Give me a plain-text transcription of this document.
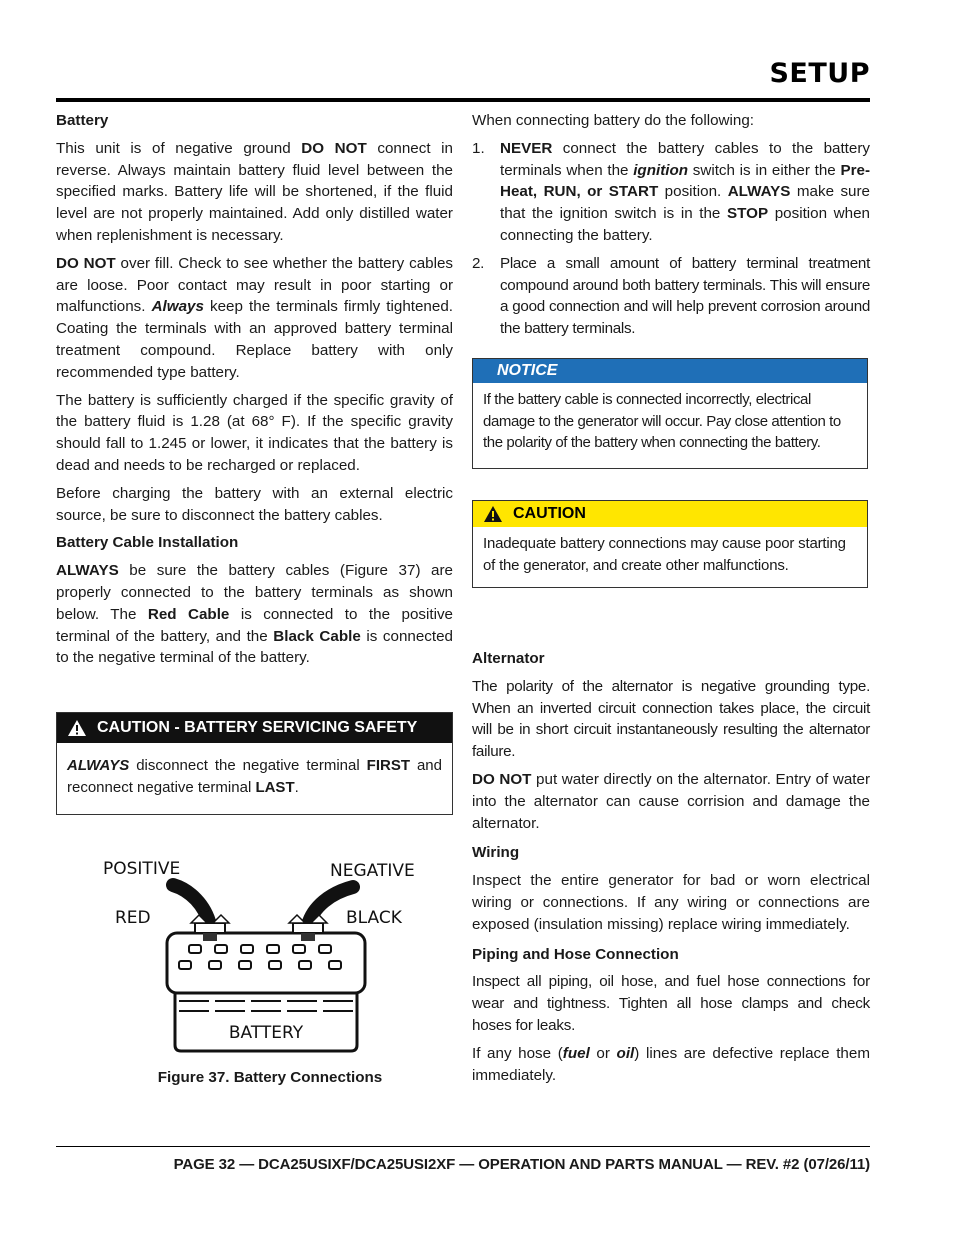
SETUP
Battery

This unit is of negative ground DO NOT connect in reverse. Always maintain battery fluid level between the specified marks. Battery life will be shortened, if the fluid level are not properly maintained. Add only distilled water when replenishment is necessary.

DO NOT over fill. Check to see whether the battery cables are loose. Poor contact may result in poor starting or malfunctions. Always keep the terminals firmly tightened. Coating the terminals with an approved battery terminal treatment compound. Replace battery with only recommended type battery.

The battery is sufficiently charged if the specific gravity of the battery fluid is 1.28 (at 68° F). If the specific gravity should fall to 1.245 or lower, it indicates that the battery is dead and needs to be recharged or replaced.

Before charging the battery with an external electric source, be sure to disconnect the battery cables.

Battery Cable Installation

ALWAYS be sure the battery cables (Figure 37) are properly connected to the battery terminals as shown below. The Red Cable is connected to the positive terminal of the battery, and the Black Cable is connected to the negative terminal of the battery.

CAUTION - BATTERY SERVICING SAFETY
ALWAYS disconnect the negative terminal FIRST and reconnect negative terminal LAST.
POSITIVE	NEGATIVE
RED	BLACK
BATTERY
Figure 37. Battery Connections

When connecting battery do the following:

1. NEVER connect the battery cables to the battery terminals when the ignition switch is in either the Pre-Heat, RUN, or START position. ALWAYS make sure that the ignition switch is in the STOP position when connecting the battery.
2. Place a small amount of battery terminal treatment compound around both battery terminals. This will ensure a good connection and will help prevent corrosion around the battery terminals.
NOTICE
If the battery cable is connected incorrectly, electrical damage to the generator will occur. Pay close attention to the polarity of the battery when connecting the battery.
CAUTION
Inadequate battery connections may cause poor starting of the generator, and create other malfunctions.
Alternator

The polarity of the alternator is negative grounding type. When an inverted circuit connection takes place, the circuit will be in short circuit instantaneously resulting the alternator failure.

DO NOT put water directly on the alternator. Entry of water into the alternator can cause corrision and damage the alternator.

Wiring

Inspect the entire generator for bad or worn electrical wiring or connections. If any wiring or connections are exposed (insulation missing) replace wiring immediately.

Piping and Hose Connection

Inspect all piping, oil hose, and fuel hose connections for wear and tightness. Tighten all hose clamps and check hoses for leaks.

If any hose (fuel or oil) lines are defective replace them immediately.

PAGE 32 — DCA25USIXF/DCA25USI2XF — OPERATION AND PARTS MANUAL — REV. #2 (07/26/11)
